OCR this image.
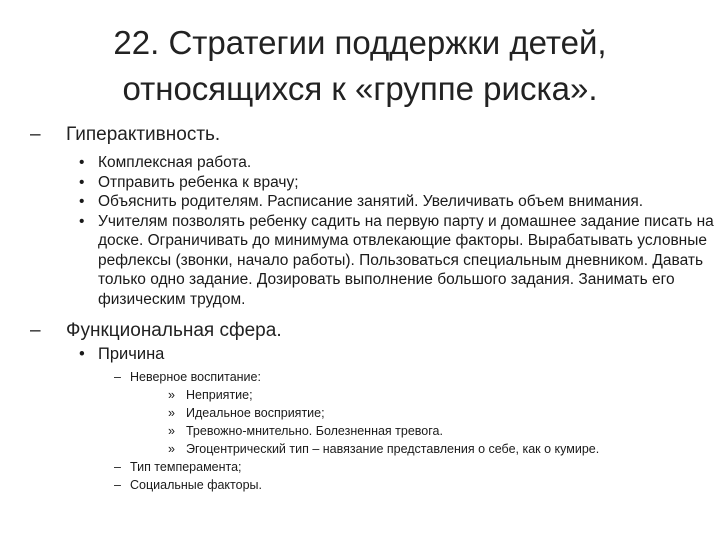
22. Стратегии поддержки детей,
относящихся к «группе риска».
– Гиперактивность.
• Комплексная работа.
• Отправить ребенка к врачу;
• Объяснить родителям. Расписание занятий. Увеличивать объем внимания.
• Учителям позволять ребенку садить на первую парту и домашнее задание писать на доске. Ограничивать до минимума отвлекающие факторы. Вырабатывать условные рефлексы (звонки, начало работы). Пользоваться специальным дневником. Давать только одно задание. Дозировать выполнение большого задания. Занимать его физическим трудом.
– Функциональная сфера.
• Причина
– Неверное воспитание:
» Неприятие;
» Идеальное восприятие;
» Тревожно-мнительно. Болезненная тревога.
» Эгоцентрический тип – навязание представления о себе, как о кумире.
– Тип темперамента;
– Социальные факторы.
